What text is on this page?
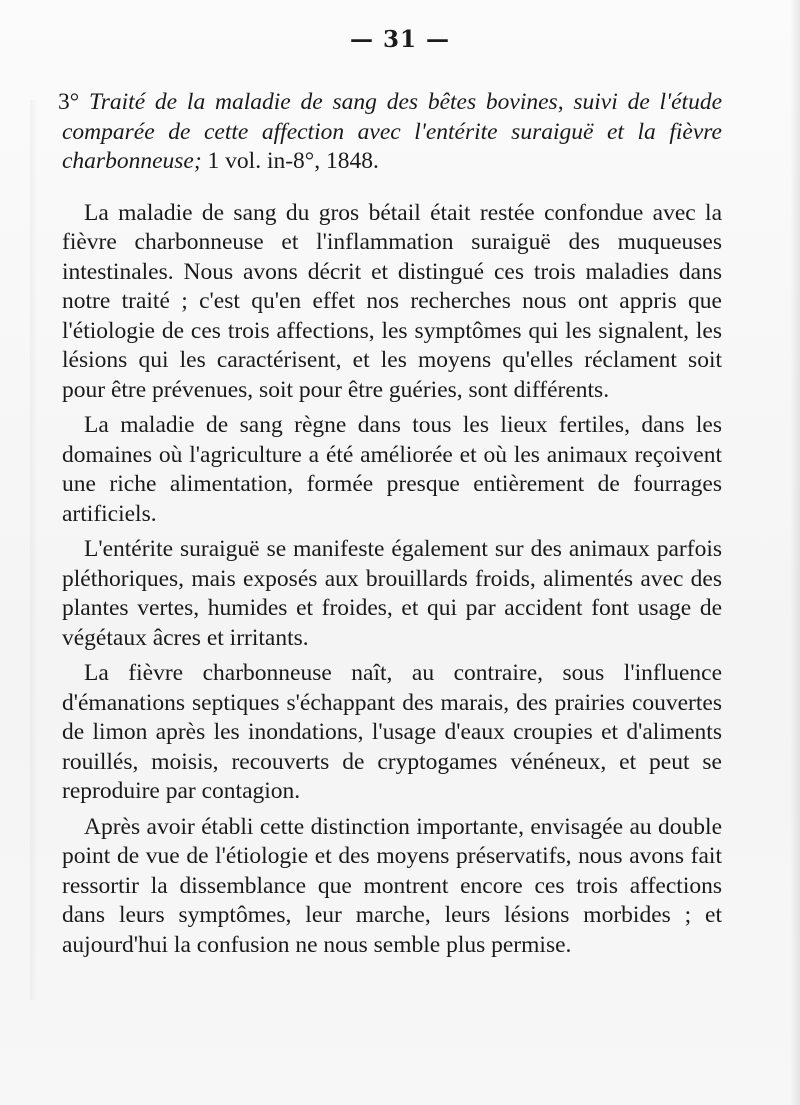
— 31 —

3° Traité de la maladie de sang des bêtes bovines, suivi de l'étude comparée de cette affection avec l'entérite suraiguë et la fièvre charbonneuse; 1 vol. in-8°, 1848.

La maladie de sang du gros bétail était restée confondue avec la fièvre charbonneuse et l'inflammation suraiguë des muqueuses intestinales. Nous avons décrit et distingué ces trois maladies dans notre traité ; c'est qu'en effet nos recherches nous ont appris que l'étiologie de ces trois affections, les symptômes qui les signalent, les lésions qui les caractérisent, et les moyens qu'elles réclament soit pour être prévenues, soit pour être guéries, sont différents.

La maladie de sang règne dans tous les lieux fertiles, dans les domaines où l'agriculture a été améliorée et où les animaux reçoivent une riche alimentation, formée presque entièrement de fourrages artificiels.

L'entérite suraiguë se manifeste également sur des animaux parfois pléthoriques, mais exposés aux brouillards froids, alimentés avec des plantes vertes, humides et froides, et qui par accident font usage de végétaux âcres et irritants.

La fièvre charbonneuse naît, au contraire, sous l'influence d'émanations septiques s'échappant des marais, des prairies couvertes de limon après les inondations, l'usage d'eaux croupies et d'aliments rouillés, moisis, recouverts de cryptogames vénéneux, et peut se reproduire par contagion.

Après avoir établi cette distinction importante, envisagée au double point de vue de l'étiologie et des moyens préservatifs, nous avons fait ressortir la dissemblance que montrent encore ces trois affections dans leurs symptômes, leur marche, leurs lésions morbides ; et aujourd'hui la confusion ne nous semble plus permise.
